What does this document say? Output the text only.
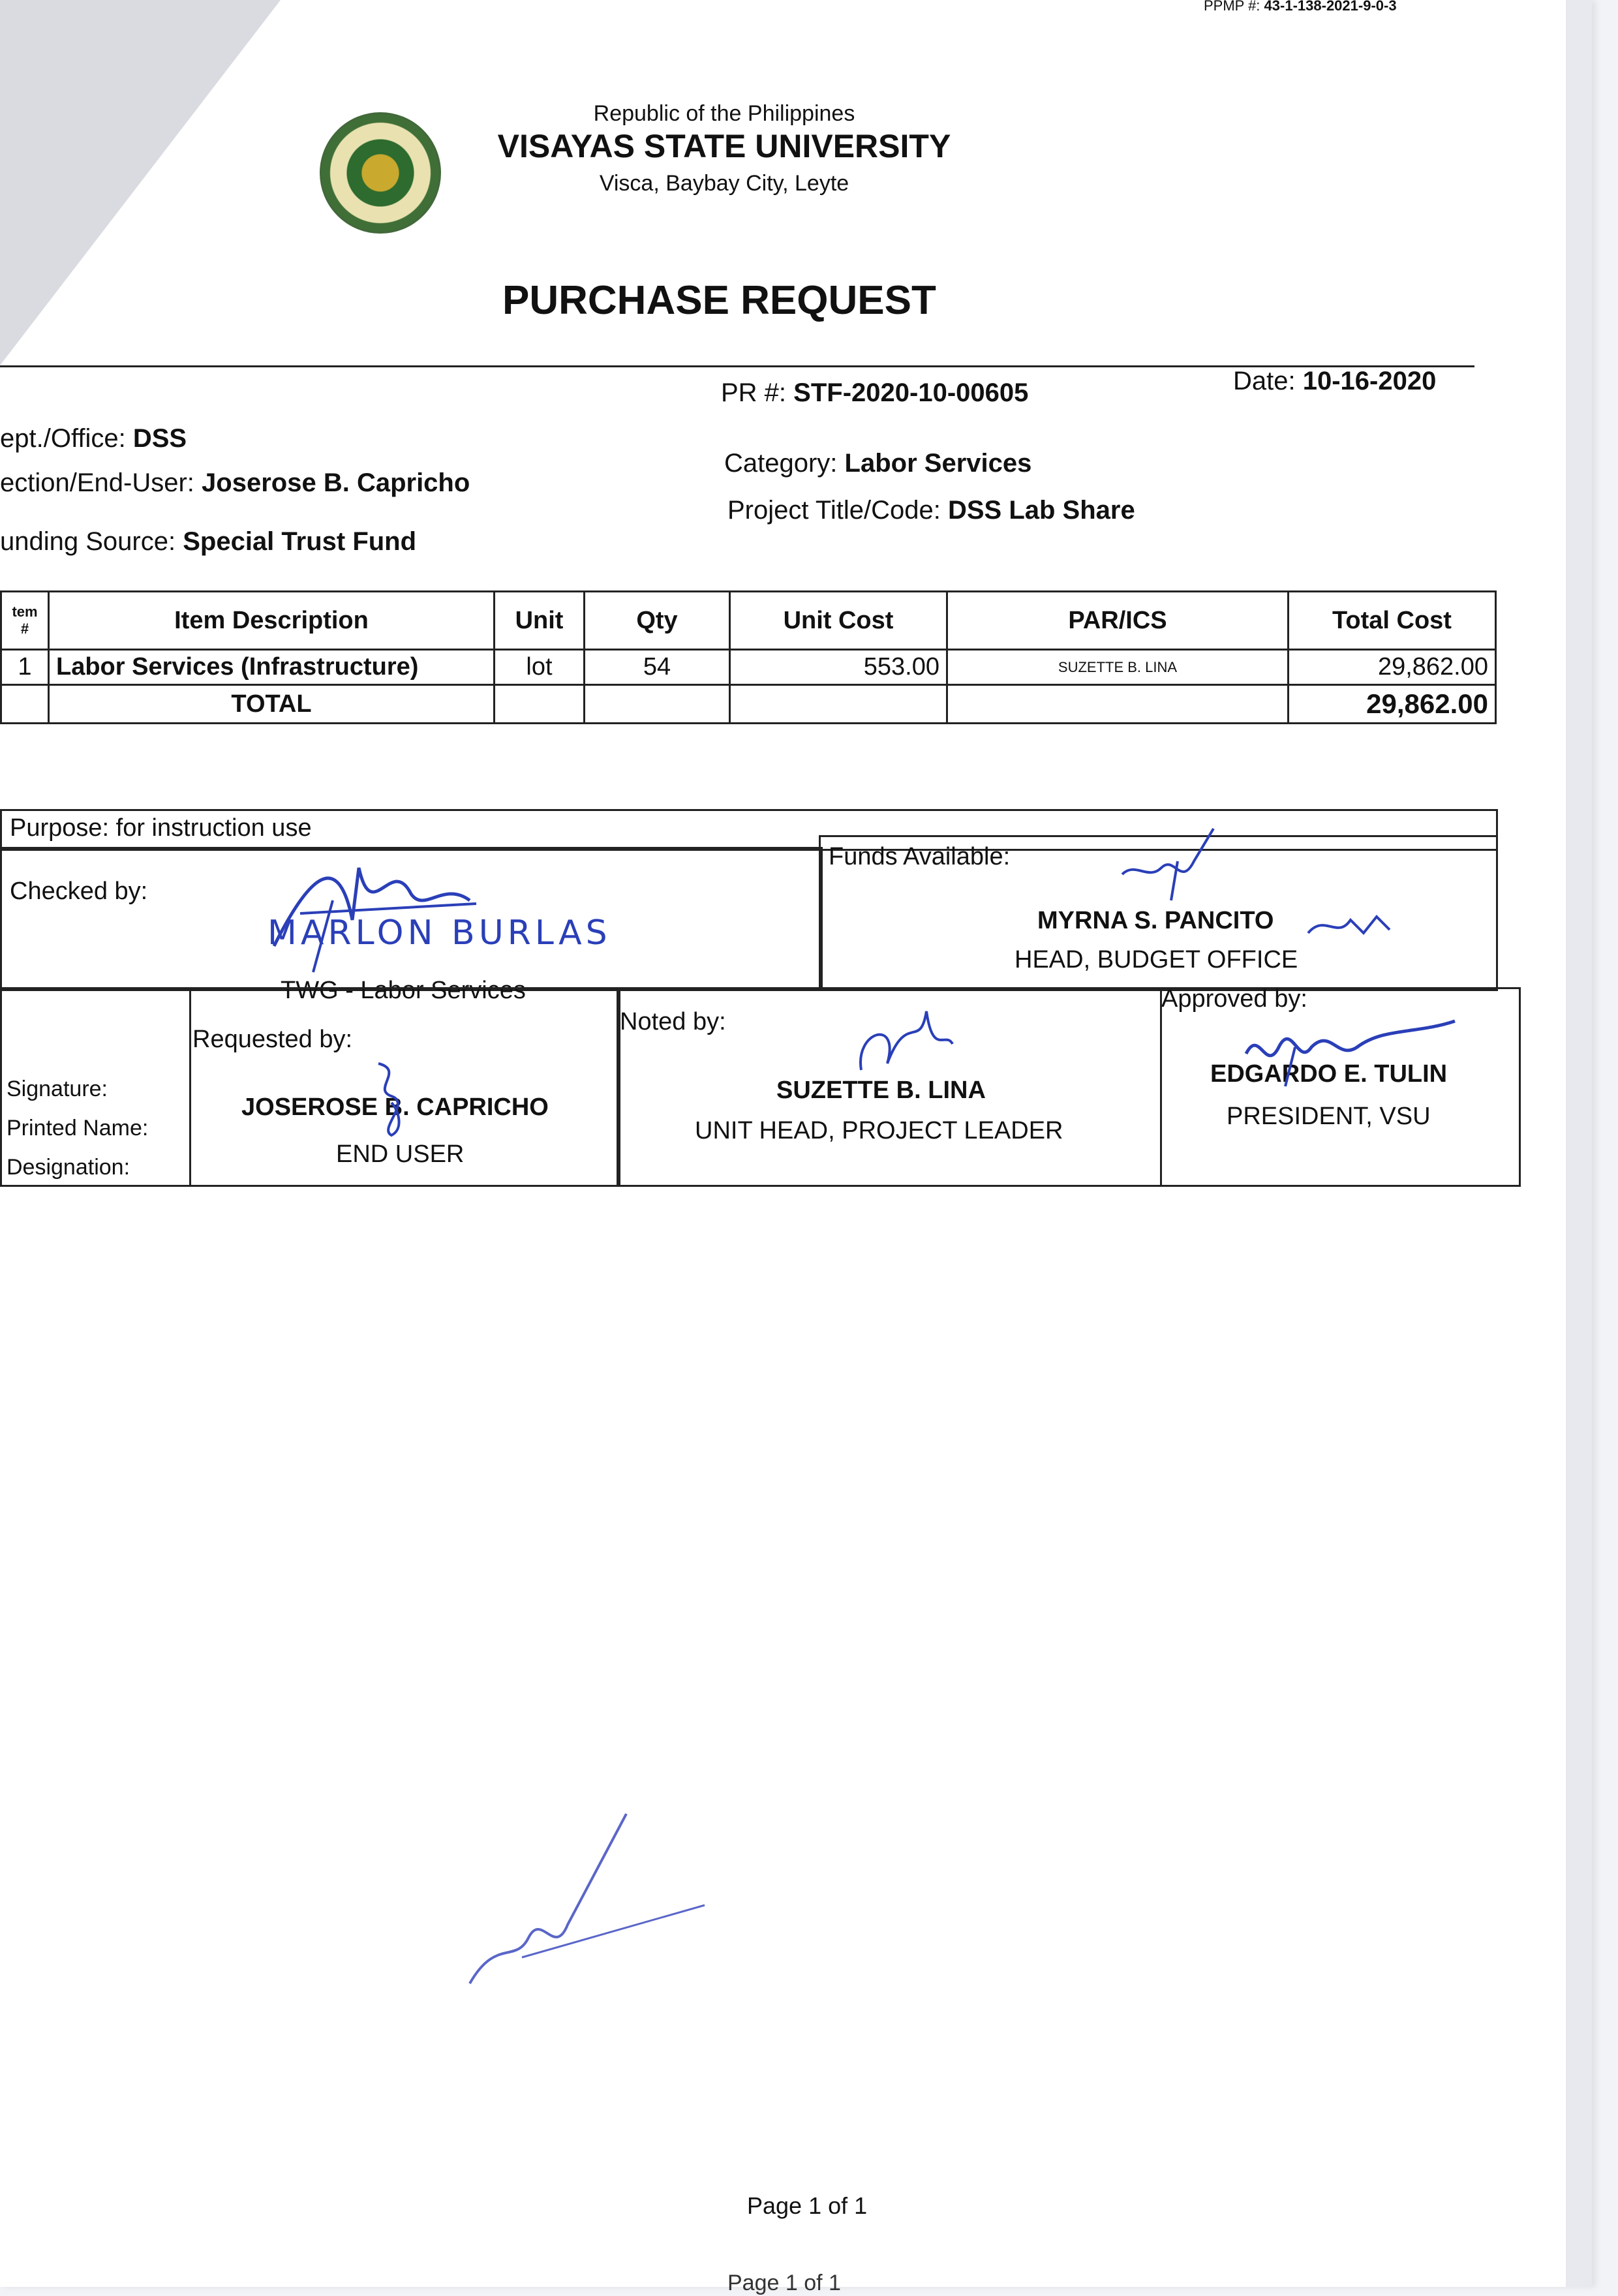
PPMP #: 43-1-138-2021-9-0-3
Republic of the Philippines
VISAYAS STATE UNIVERSITY
Visca, Baybay City, Leyte
PURCHASE REQUEST
PR #: STF-2020-10-00605	Date: 10-16-2020
ept./Office: DSS
ection/End-User: Joserose B. Capricho
unding Source: Special Trust Fund
Category: Labor Services
Project Title/Code: DSS Lab Share
tem #	Item Description	Unit	Qty	Unit Cost	PAR/ICS	Total Cost
1	Labor Services (Infrastructure)	lot	54	553.00	SUZETTE B. LINA	29,862.00
	TOTAL					29,862.00
Purpose: for instruction use
Checked by:
MARLON BURLAS
TWG - Labor Services
Funds Available:
MYRNA S. PANCITO
HEAD, BUDGET OFFICE
Signature:
Printed Name:
Designation:
Requested by:
JOSEROSE B. CAPRICHO
END USER
Noted by:
SUZETTE B. LINA
UNIT HEAD, PROJECT LEADER
Approved by:
EDGARDO E. TULIN
PRESIDENT, VSU
Page 1 of 1
Page 1 of 1
